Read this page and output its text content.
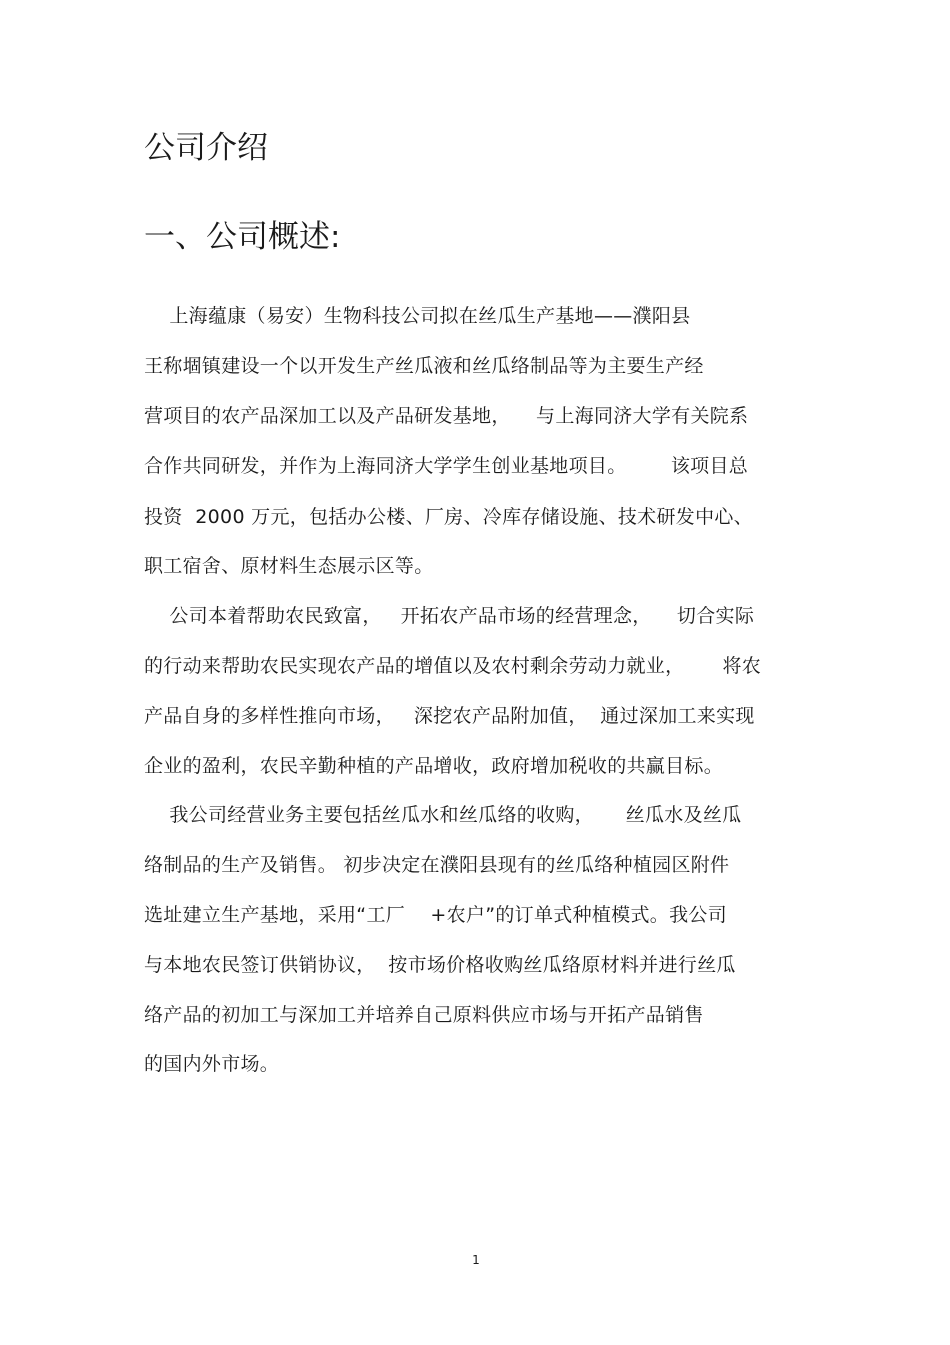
公司介绍
一、公司概述:
上海蕴康（易安）生物科技公司拟在丝瓜生产基地——濮阳县
王称堌镇建设一个以开发生产丝瓜液和丝瓜络制品等为主要生产经
营项目的农产品深加工以及产品研发基地，    与上海同济大学有关院系
合作共同研发，并作为上海同济大学学生创业基地项目。       该项目总
投资  2000 万元，包括办公楼、厂房、冷库存储设施、技术研发中心、
职工宿舍、原材料生态展示区等。
公司本着帮助农民致富，   开拓农产品市场的经营理念，    切合实际
的行动来帮助农民实现农产品的增值以及农村剩余劳动力就业，      将农
产品自身的多样性推向市场，   深挖农产品附加值，  通过深加工来实现
企业的盈利，农民辛勤种植的产品增收，政府增加税收的共赢目标。
我公司经营业务主要包括丝瓜水和丝瓜络的收购，     丝瓜水及丝瓜
络制品的生产及销售。 初步决定在濮阳县现有的丝瓜络种植园区附件
选址建立生产基地，采用“工厂    +农户”的订单式种植模式。我公司
与本地农民签订供销协议，  按市场价格收购丝瓜络原材料并进行丝瓜
络产品的初加工与深加工并培养自己原料供应市场与开拓产品销售
的国内外市场。
1
